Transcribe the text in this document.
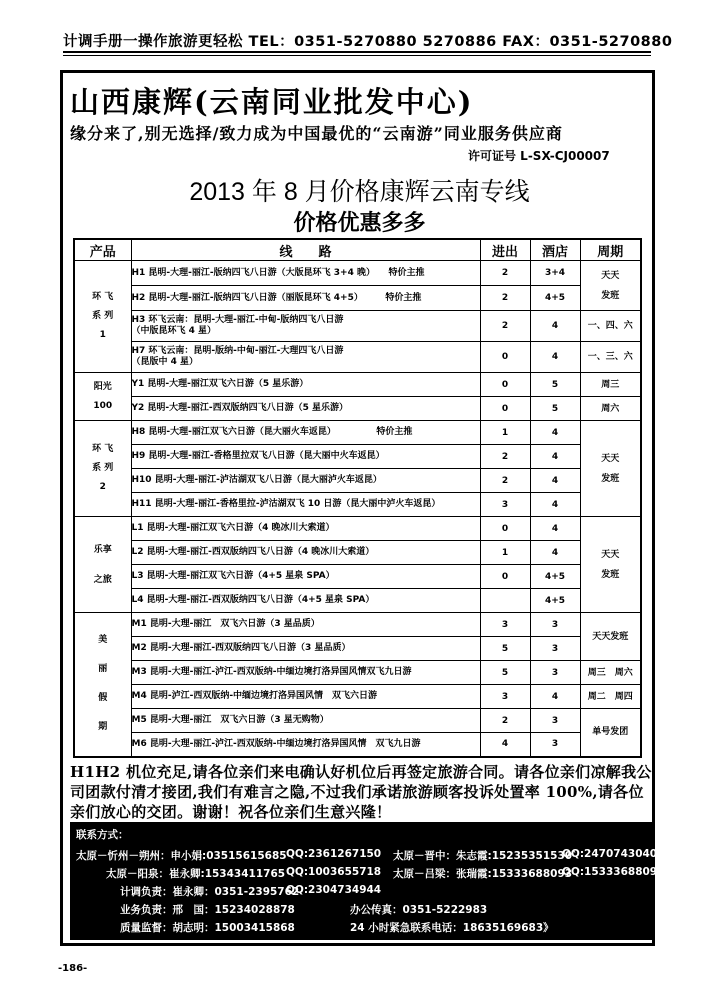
计调手册一操作旅游更轻松 TEL：0351-5270880 5270886 FAX：0351-5270880
山西康辉(云南同业批发中心)
缘分来了,别无选择/致力成为中国最优的“云南游”同业服务供应商
许可证号 L-SX-CJ00007
2013 年 8 月价格康辉云南专线
价格优惠多多
产品	线　　路	进出	酒店	周期
环 飞
系 列
1	H1 昆明-大理-丽江-版纳四飞八日游（大版昆环飞 3+4 晚）　　特价主推	2	3+4	天天
发班
	H2 昆明-大理-丽江-版纳四飞八日游（丽版昆环飞 4+5）　　　特价主推	2	4+5	
	H3 环飞云南：昆明-大理-丽江-中甸-版纳四飞八日游
（中版昆环飞 4 星）	2	4	一、四、六
	H7 环飞云南：昆明-版纳-中甸-丽江-大理四飞八日游
（昆版中 4 星）	0	4	一、三、六
阳光
100	Y1 昆明-大理-丽江双飞六日游（5 星乐游）	0	5	周三
	Y2 昆明-大理-丽江-西双版纳四飞八日游（5 星乐游）	0	5	周六
环 飞
系 列
2	H8 昆明-大理-丽江双飞六日游（昆大丽火车返昆）　　　　　特价主推	1	4	天天
发班
	H9 昆明-大理-丽江-香格里拉双飞八日游（昆大丽中火车返昆）	2	4	
	H10 昆明-大理-丽江-泸沽湖双飞八日游（昆大丽泸火车返昆）	2	4	
	H11 昆明-大理-丽江-香格里拉-泸沽湖双飞 10 日游（昆大丽中泸火车返昆）	3	4	
乐享
之旅	L1 昆明-大理-丽江双飞六日游（4 晚冰川大索道）	0	4	天天
发班
	L2 昆明-大理-丽江-西双版纳四飞八日游（4 晚冰川大索道）	1	4	
	L3 昆明-大理-丽江双飞六日游（4+5 星泉 SPA）	0	4+5	
	L4 昆明-大理-丽江-西双版纳四飞八日游（4+5 星泉 SPA）		4+5	
美
丽
假
期	M1 昆明-大理-丽江　双飞六日游（3 星品质）	3	3	天天发班
	M2 昆明-大理-丽江-西双版纳四飞八日游（3 星品质）	5	3	
	M3 昆明-大理-丽江-泸江-西双版纳-中缅边境打洛异国风情双飞九日游	5	3	周三　周六
	M4 昆明-泸江-西双版纳-中缅边境打洛异国风情　双飞六日游	3	4	周二　周四
	M5 昆明-大理-丽江　双飞六日游（3 星无购物）	2	3	单号发团
	M6 昆明-大理-丽江-泸江-西双版纳-中缅边境打洛异国风情　双飞九日游	4	3	
H1H2 机位充足,请各位亲们来电确认好机位后再签定旅游合同。请各位亲们凉解我公司团款付清才接团,我们有难言之隐,不过我们承诺旅游顾客投诉处置率 100%,请各位亲们放心的交团。谢谢！祝各位亲们生意兴隆！
联系方式：
太原－忻州－朔州：申小娟:03515615685 QQ:2361267150 太原－晋中：朱志霞:15235351530`
QQ:2470743040
太原－阳泉：崔永卿:15343411765 QQ:1003655718 太原－吕梁：张瑞霞:15333688093
QQ:15333688093
计调负责：崔永卿：0351-2395762
QQ:2304734944
业务负责：邢　国：15234028878	办公传真：0351-5222983
质量监督：胡志明：15003415868	24 小时紧急联系电话：18635169683》
-186-
